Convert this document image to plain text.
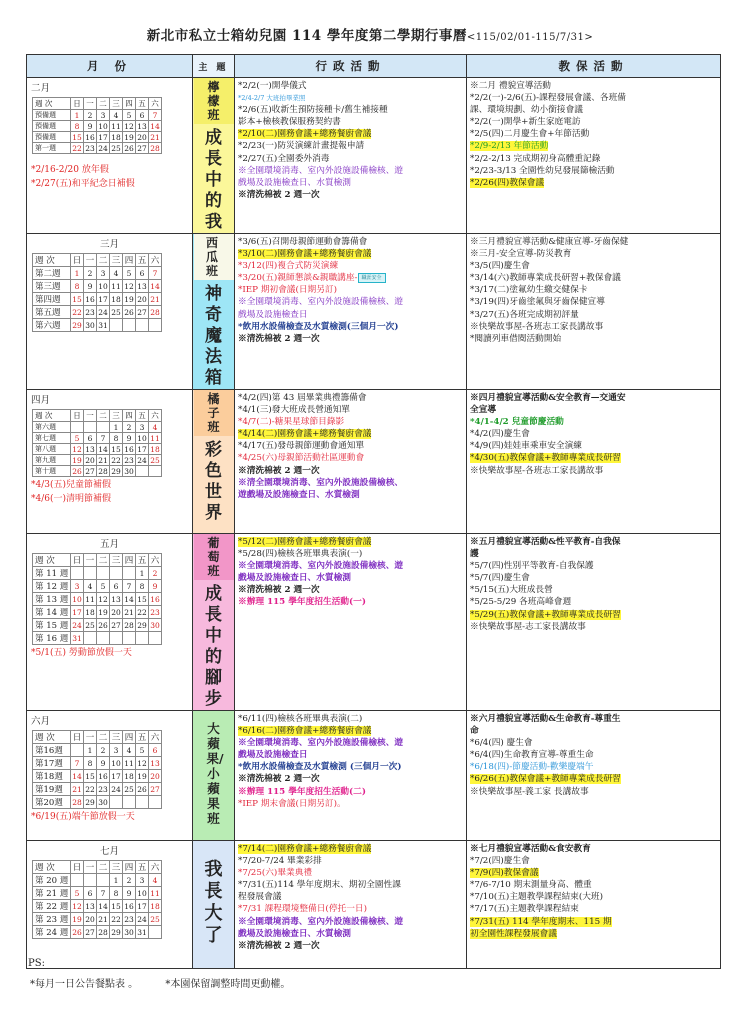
新北市私立士箱幼兒園 114 學年度第二學期行事曆<115/02/01-115/7/31>
月 份	主 題	行政活動	教保活動

二月
週 次	日	一	二	三	四	五	六
預備週	1	2	3	4	5	6	7
預備週	8	9	10	11	12	13	14
預備週	15	16	17	18	19	20	21
第一週	22	23	24	25	26	27	28
*2/16-2/20 放年假
*2/27(五)和平紀念日補假

檸檬班
成長中的我

*2/2(一)開學儀式
*2/4-2/7 大班拍畢業照
*2/6(五)收新生預防接種卡/舊生補接種
影本+檢核教保服務契約書
*2/10(二)園務會議+總務餐廚會議
*2/23(一)防災演練計畫提報申請
*2/27(五)全園委外消毒
※全園環境消毒、室內外設施設備檢核、遊
戲場及設施檢查日、水質檢測
※清洗棉被 2 週一次

※二月 禮貌宣導活動
*2/2(一)-2/6(五)-課程發展會議、各班備
課、環境規劃、幼小銜接會議
*2/2(一)開學+新生家庭電訪
*2/5(四)二月慶生會+年節活動
*2/9-2/13 年節活動
*2/2-2/13 完成期初身高體重記錄
*2/23-3/13 全園性幼兒發展篩檢活動
*2/26(四)教保會議

三月
週 次	日	一	二	三	四	五	六
第二週	1	2	3	4	5	6	7
第三週	8	9	10	11	12	13	14
第四週	15	16	17	18	19	20	21
第五週	22	23	24	25	26	27	28
第六週	29	30	31				

西瓜班
神奇魔法箱

*3/6(五)召開母親節運動會籌備會
*3/10(二)園務會議+總務餐廚會議
*3/12(四)複合式防災演練
*3/20(五)親師懇談&親職講座- 職涯安全
*IEP 期初會議(日期另訂)
※全園環境消毒、室內外設施設備檢核、遊
戲場及設施檢查日
*飲用水設備檢查及水質檢測(三個月一次)
※清洗棉被 2 週一次

※三月禮貌宣導活動&健康宣導-牙齒保健
※三月-安全宣導-防災教育
*3/5(四)慶生會
*3/14(六)教師專業成長研習+教保會議
*3/17(二)塗氟幼生繳交健保卡
*3/19(四)牙齒塗氟與牙齒保健宣導
*3/27(五)各班完成期初評量
※快樂故事屋-各班志工家長講故事
*閱讀列車借閱活動開始

四月
週 次	日	一	二	三	四	五	六
第六週				1	2	3	4
第七週	5	6	7	8	9	10	11
第八週	12	13	14	15	16	17	18
第九週	19	20	21	22	23	24	25
第十週	26	27	28	29	30		
*4/3(五)兒童節補假
*4/6(一)清明節補假

橘子班
彩色世界

*4/2(四)第 43 屆畢業典禮籌備會
*4/1(三)發大班成長營通知單
*4/7(二)-糖果星球節目錄影
*4/14(二)園務會議+總務餐廚會議
*4/17(五)發母親節運動會通知單
*4/25(六)母親節活動社區運動會
※清洗棉被 2 週一次
※清全園環境消毒、室內外設施設備檢核、
遊戲場及設施檢查日、水質檢測

※四月禮貌宣導活動&安全教育—交通安
全宣導
*4/1-4/2 兒童節慶活動
*4/2(四)慶生會
*4/9(四)娃娃車乘車安全演練
*4/30(五)教保會議+教師專業成長研習
※快樂故事屋-各班志工家長講故事

五月
週 次	日	一	二	三	四	五	六
第 11 週						1	2
第 12 週	3	4	5	6	7	8	9
第 13 週	10	11	12	13	14	15	16
第 14 週	17	18	19	20	21	22	23
第 15 週	24	25	26	27	28	29	30
第 16 週	31						
*5/1(五) 勞動節放假一天

葡萄班
成長中的腳步

*5/12(二)園務會議+總務餐廚會議
*5/28(四)檢核各班畢典表演(一)
※全園環境消毒、室內外設施設備檢核、遊
戲場及設施檢查日、水質檢測
※清洗棉被 2 週一次
※辦理 115 學年度招生活動(一)

※五月禮貌宣導活動&性平教育-自我保
護
*5/7(四)性別平等教育-自我保護
*5/7(四)慶生會
*5/15(五)大班成長營
*5/25-5/29 各班高峰會週
*5/29(五)教保會議+教師專業成長研習
※快樂故事屋-志工家長講故事

六月
週 次	日	一	二	三	四	五	六
第16週		1	2	3	4	5	6
第17週	7	8	9	10	11	12	13
第18週	14	15	16	17	18	19	20
第19週	21	22	23	24	25	26	27
第20週	28	29	30				
*6/19(五)端午節放假一天

大蘋果/小蘋果班

*6/11(四)檢核各班畢典表演(二)
*6/16(二)園務會議+總務餐廚會議
※全園環境消毒、室內外設施設備檢核、遊
戲場及設施檢查日
*飲用水設備檢查及水質檢測 (三個月一次)
※清洗棉被 2 週一次
※辦理 115 學年度招生活動(二)
*IEP 期末會議(日期另訂)。

※六月禮貌宣導活動&生命教育-尊重生
命
*6/4(四) 慶生會
*6/4(四)生命教育宣導-尊重生命
*6/18(四)-節慶活動-歡樂慶端午
*6/26(五)教保會議+教師專業成長研習
※快樂故事屋-義工家 長講故事

七月
週 次	日	一	二	三	四	五	六
第 20 週				1	2	3	4
第 21 週	5	6	7	8	9	10	11
第 22 週	12	13	14	15	16	17	18
第 23 週	19	20	21	22	23	24	25
第 24 週	26	27	28	29	30	31	

我長大了

*7/14(二)園務會議+總務餐廚會議
*7/20-7/24 畢業彩排
*7/25(六)畢業典禮
*7/31(五)114 學年度期末、期初全園性課
程發展會議
*7/31 課程環境整備日(停托一日)
※全園環境消毒、室內外設施設備檢核、遊
戲場及設施檢查日、水質檢測
※清洗棉被 2 週一次

※七月禮貌宣導活動&食安教育
*7/2(四)慶生會
*7/9(四)教保會議
*7/6-7/10 期末測量身高、體重
*7/10(五)主題教學課程結束(大班)
*7/17(五)主題教學課程結束
*7/31(五) 114 學年度期末、115 期
初全園性課程發展會議
PS:
*每月一日公告餐點表 。	*本園保留調整時間更動權。
